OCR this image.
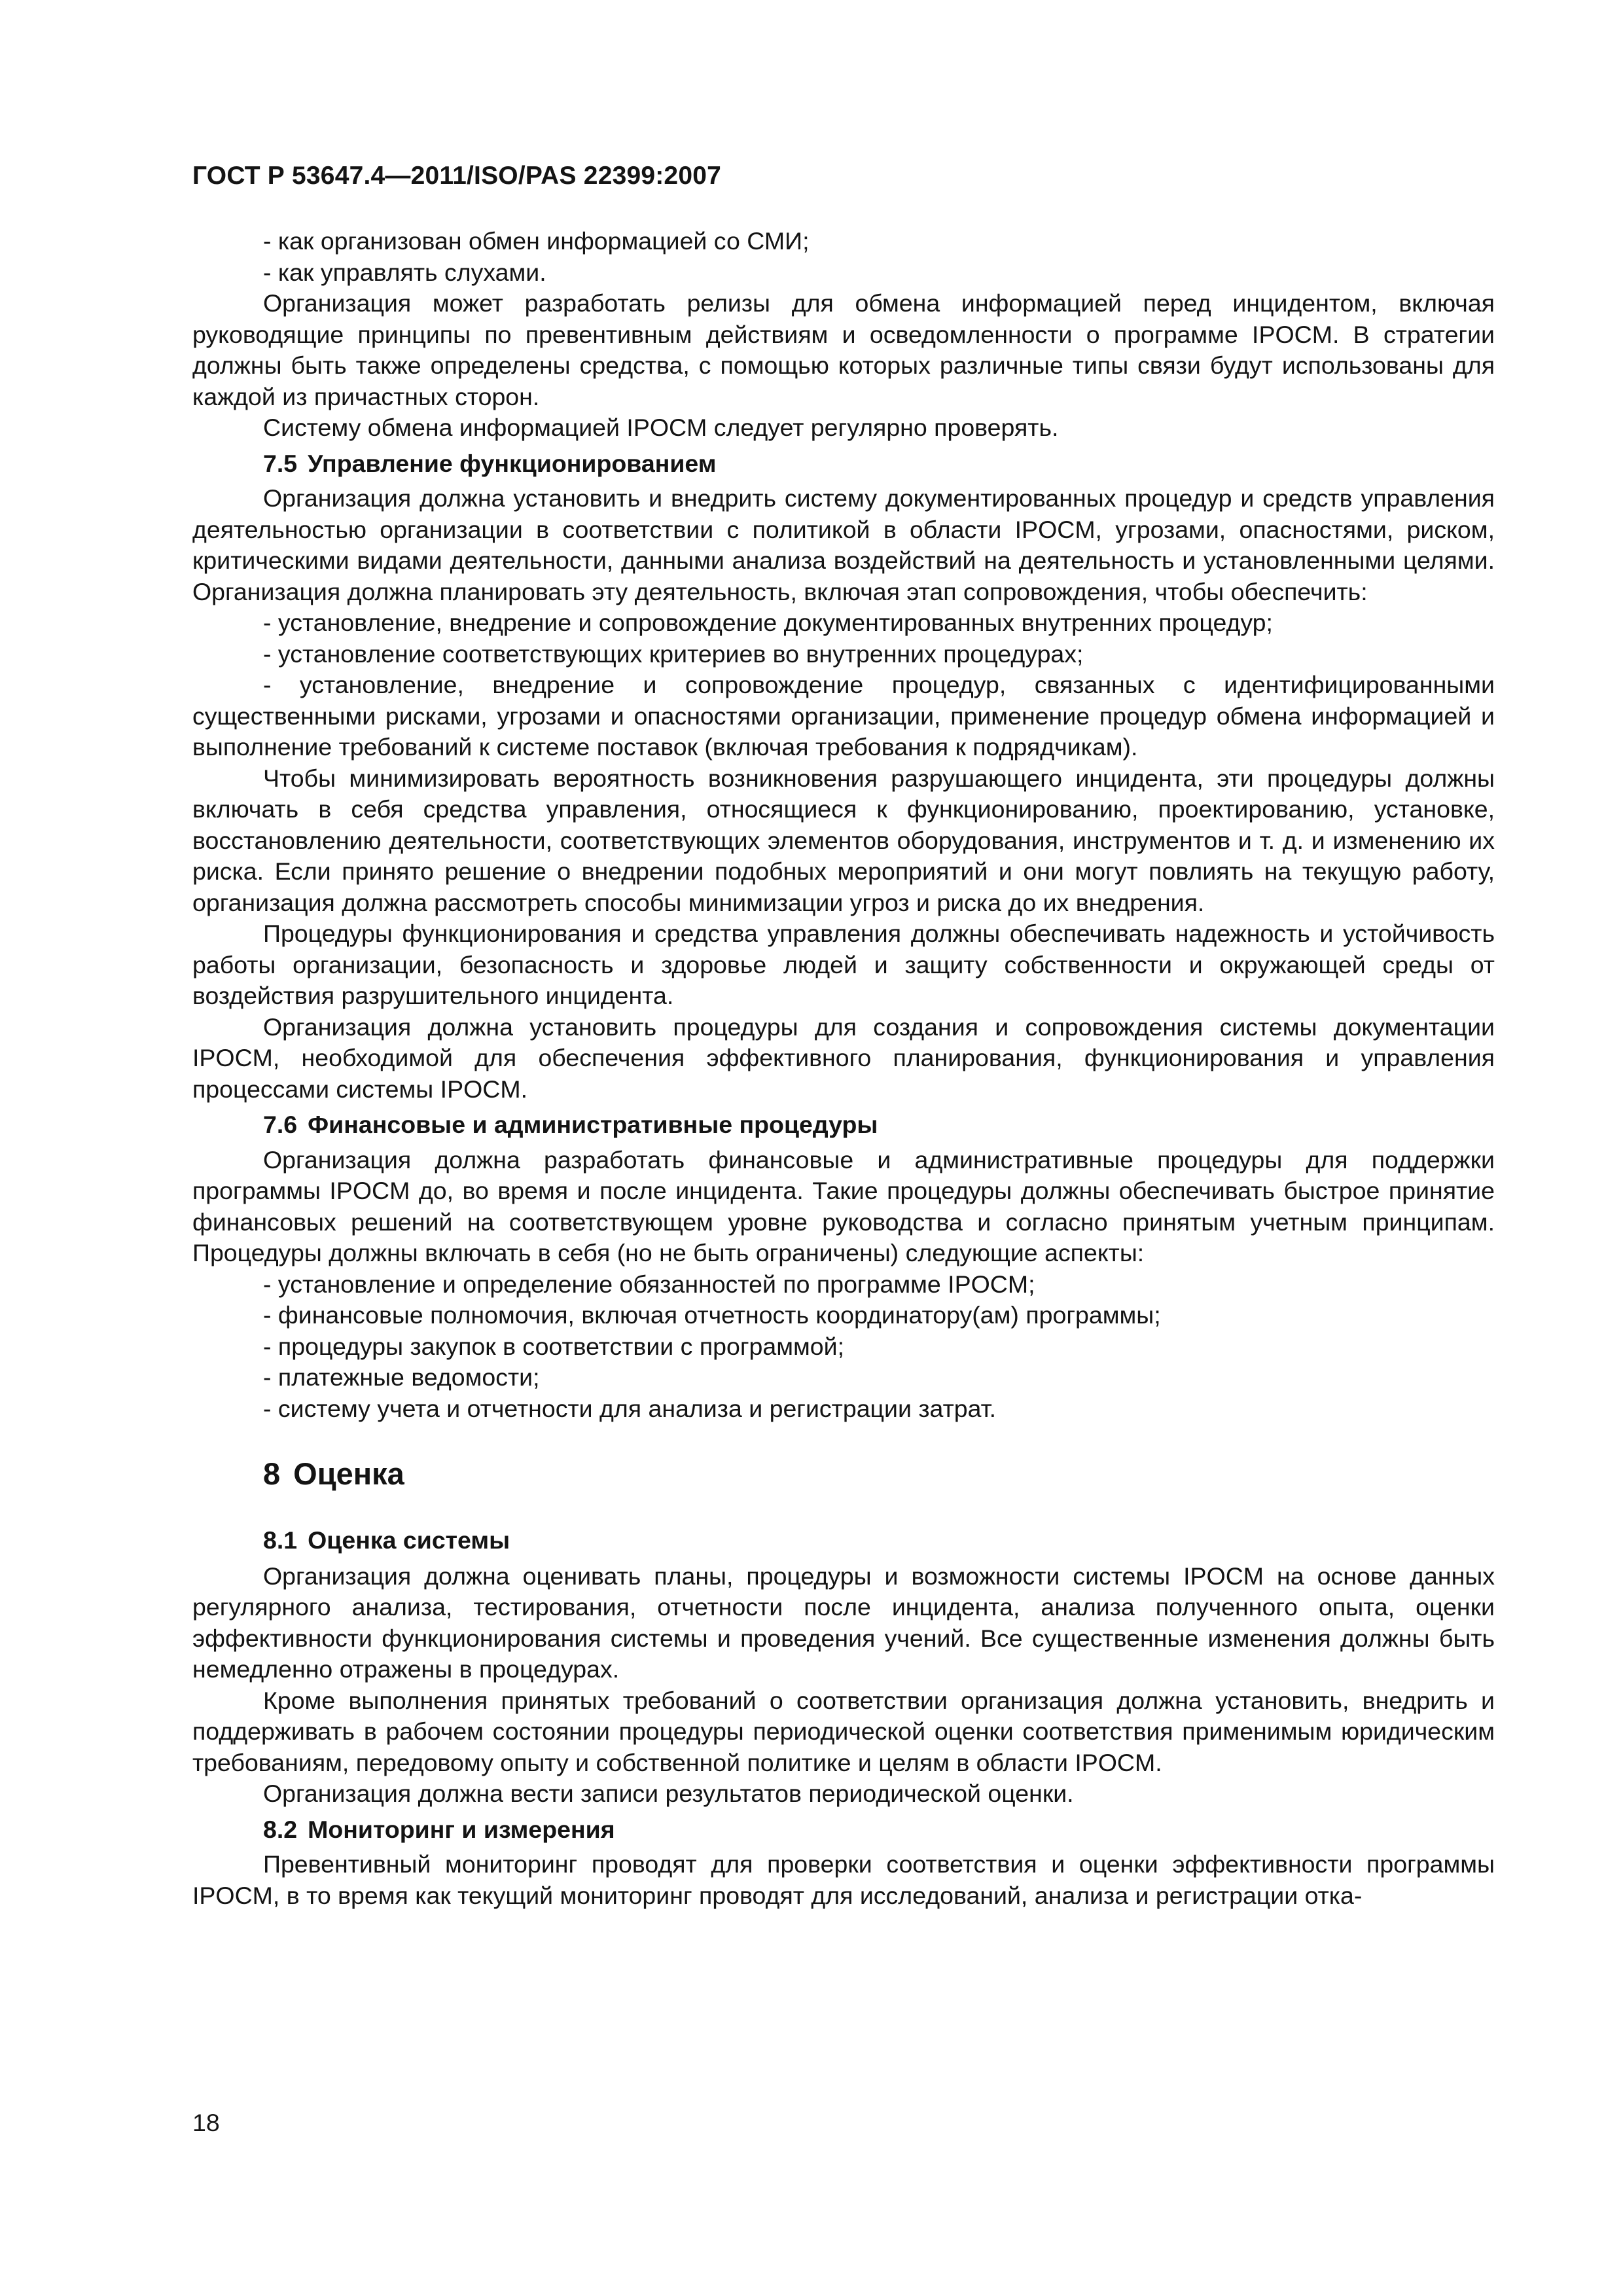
ГОСТ Р 53647.4—2011/ISO/PAS 22399:2007

- как организован обмен информацией со СМИ;

- как управлять слухами.

Организация может разработать релизы для обмена информацией перед инцидентом, включая руководящие принципы по превентивным действиям и осведомленности о программе IPOCM. В стратегии должны быть также определены средства, с помощью которых различные типы связи будут использованы для каждой из причастных сторон.

Систему обмена информацией IPOCM следует регулярно проверять.

7.5 Управление функционированием

Организация должна установить и внедрить систему документированных процедур и средств управления деятельностью организации в соответствии с политикой в области IPOCM, угрозами, опасностями, риском, критическими видами деятельности, данными анализа воздействий на деятельность и установленными целями. Организация должна планировать эту деятельность, включая этап сопровождения, чтобы обеспечить:

- установление, внедрение и сопровождение документированных внутренних процедур;

- установление соответствующих критериев во внутренних процедурах;

- установление, внедрение и сопровождение процедур, связанных с идентифицированными существенными рисками, угрозами и опасностями организации, применение процедур обмена информацией и выполнение требований к системе поставок (включая требования к подрядчикам).

Чтобы минимизировать вероятность возникновения разрушающего инцидента, эти процедуры должны включать в себя средства управления, относящиеся к функционированию, проектированию, установке, восстановлению деятельности, соответствующих элементов оборудования, инструментов и т. д. и изменению их риска. Если принято решение о внедрении подобных мероприятий и они могут повлиять на текущую работу, организация должна рассмотреть способы минимизации угроз и риска до их внедрения.

Процедуры функционирования и средства управления должны обеспечивать надежность и устойчивость работы организации, безопасность и здоровье людей и защиту собственности и окружающей среды от воздействия разрушительного инцидента.

Организация должна установить процедуры для создания и сопровождения системы документации IPOCM, необходимой для обеспечения эффективного планирования, функционирования и управления процессами системы IPOCM.

7.6 Финансовые и административные процедуры

Организация должна разработать финансовые и административные процедуры для поддержки программы IPOCM до, во время и после инцидента. Такие процедуры должны обеспечивать быстрое принятие финансовых решений на соответствующем уровне руководства и согласно принятым учетным принципам. Процедуры должны включать в себя (но не быть ограничены) следующие аспекты:

- установление и определение обязанностей по программе IPOCM;

- финансовые полномочия, включая отчетность координатору(ам) программы;

- процедуры закупок в соответствии с программой;

- платежные ведомости;

- систему учета и отчетности для анализа и регистрации затрат.

8 Оценка
8.1 Оценка системы

Организация должна оценивать планы, процедуры и возможности системы IPOCM на основе данных регулярного анализа, тестирования, отчетности после инцидента, анализа полученного опыта, оценки эффективности функционирования системы и проведения учений. Все существенные изменения должны быть немедленно отражены в процедурах.

Кроме выполнения принятых требований о соответствии организация должна установить, внедрить и поддерживать в рабочем состоянии процедуры периодической оценки соответствия применимым юридическим требованиям, передовому опыту и собственной политике и целям в области IPOCM.

Организация должна вести записи результатов периодической оценки.

8.2 Мониторинг и измерения

Превентивный мониторинг проводят для проверки соответствия и оценки эффективности программы IPOCM, в то время как текущий мониторинг проводят для исследований, анализа и регистрации отка-

18
